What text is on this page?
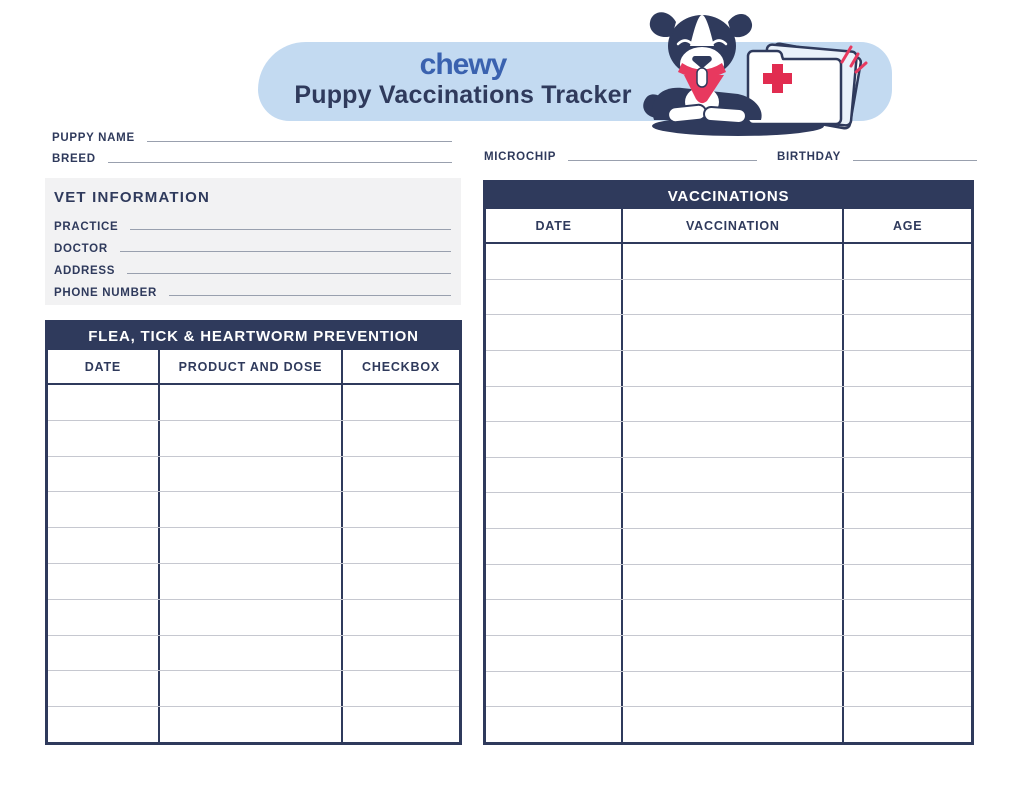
chewy
Puppy Vaccinations Tracker
PUPPY NAME
BREED	MICROCHIP	BIRTHDAY
VET INFORMATION
PRACTICE
DOCTOR
ADDRESS
PHONE NUMBER
FLEA, TICK & HEARTWORM PREVENTION
DATE	PRODUCT AND DOSE	CHECKBOX
VACCINATIONS
DATE	VACCINATION	AGE
